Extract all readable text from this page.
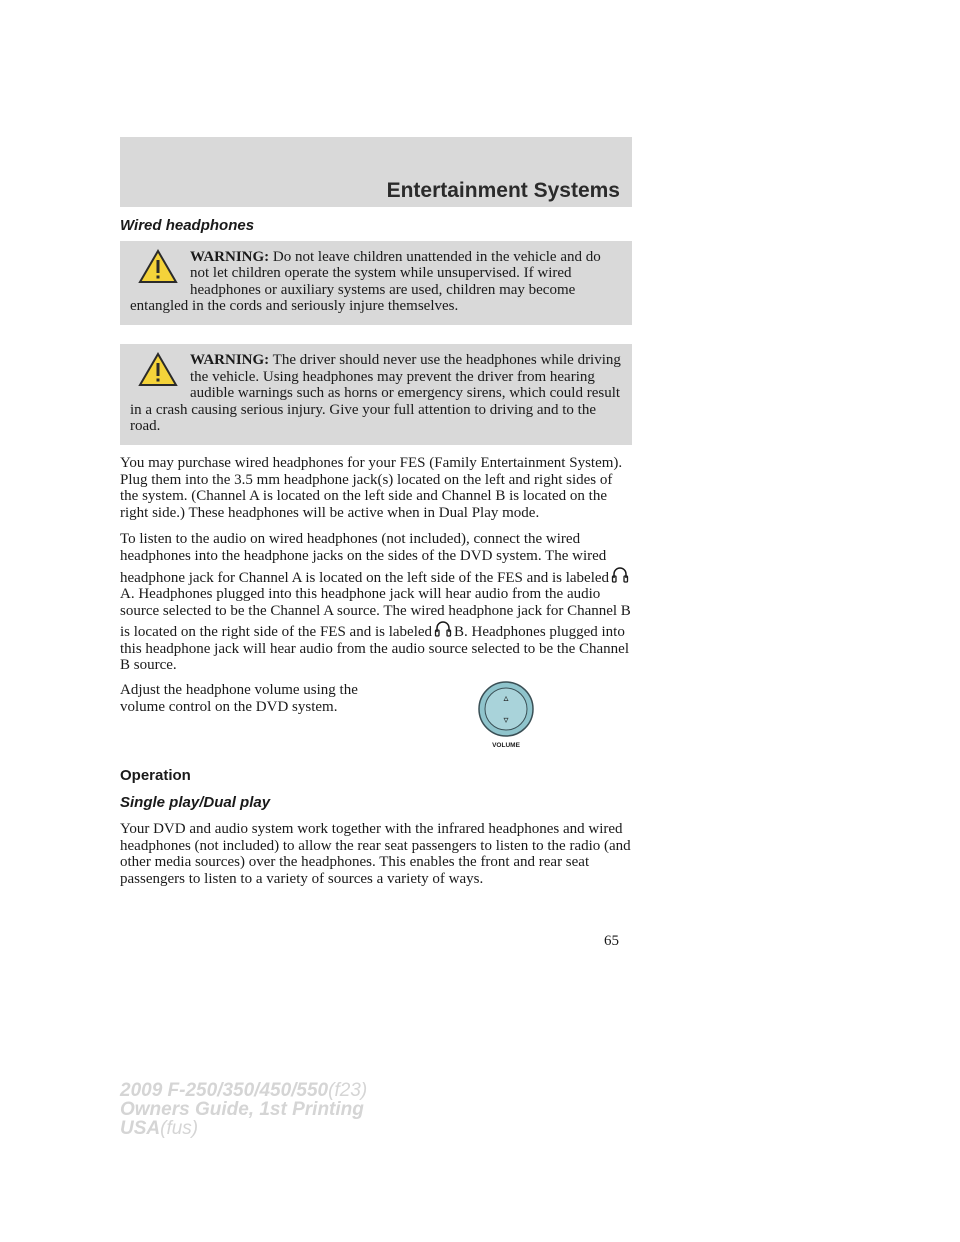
Entertainment Systems
Wired headphones

WARNING: Do not leave children unattended in the vehicle and do not let children operate the system while unsupervised. If wired headphones or auxiliary systems are used, children may become entangled in the cords and seriously injure themselves.

WARNING: The driver should never use the headphones while driving the vehicle. Using headphones may prevent the driver from hearing audible warnings such as horns or emergency sirens, which could result in a crash causing serious injury. Give your full attention to driving and to the road.

You may purchase wired headphones for your FES (Family Entertainment System). Plug them into the 3.5 mm headphone jack(s) located on the left and right sides of the system. (Channel A is located on the left side and Channel B is located on the right side.) These headphones will be active when in Dual Play mode.

To listen to the audio on wired headphones (not included), connect the wired headphones into the headphone jacks on the sides of the DVD system. The wired headphone jack for Channel A is located on the left side of the FES and is labeledA. Headphones plugged into this headphone jack will hear audio from the audio source selected to be the Channel A source. The wired headphone jack for Channel B is located on the right side of the FES and is labeled B. Headphones plugged into this headphone jack will hear audio from the audio source selected to be the Channel B source.

Adjust the headphone volume using the volume control on the DVD system.

▵
▿
VOLUME
Operation
Single play/Dual play

Your DVD and audio system work together with the infrared headphones and wired headphones (not included) to allow the rear seat passengers to listen to the radio (and other media sources) over the headphones. This enables the front and rear seat passengers to listen to a variety of sources a variety of ways.

65
2009 F-250/350/450/550(f23)
Owners Guide, 1st Printing
USA(fus)
